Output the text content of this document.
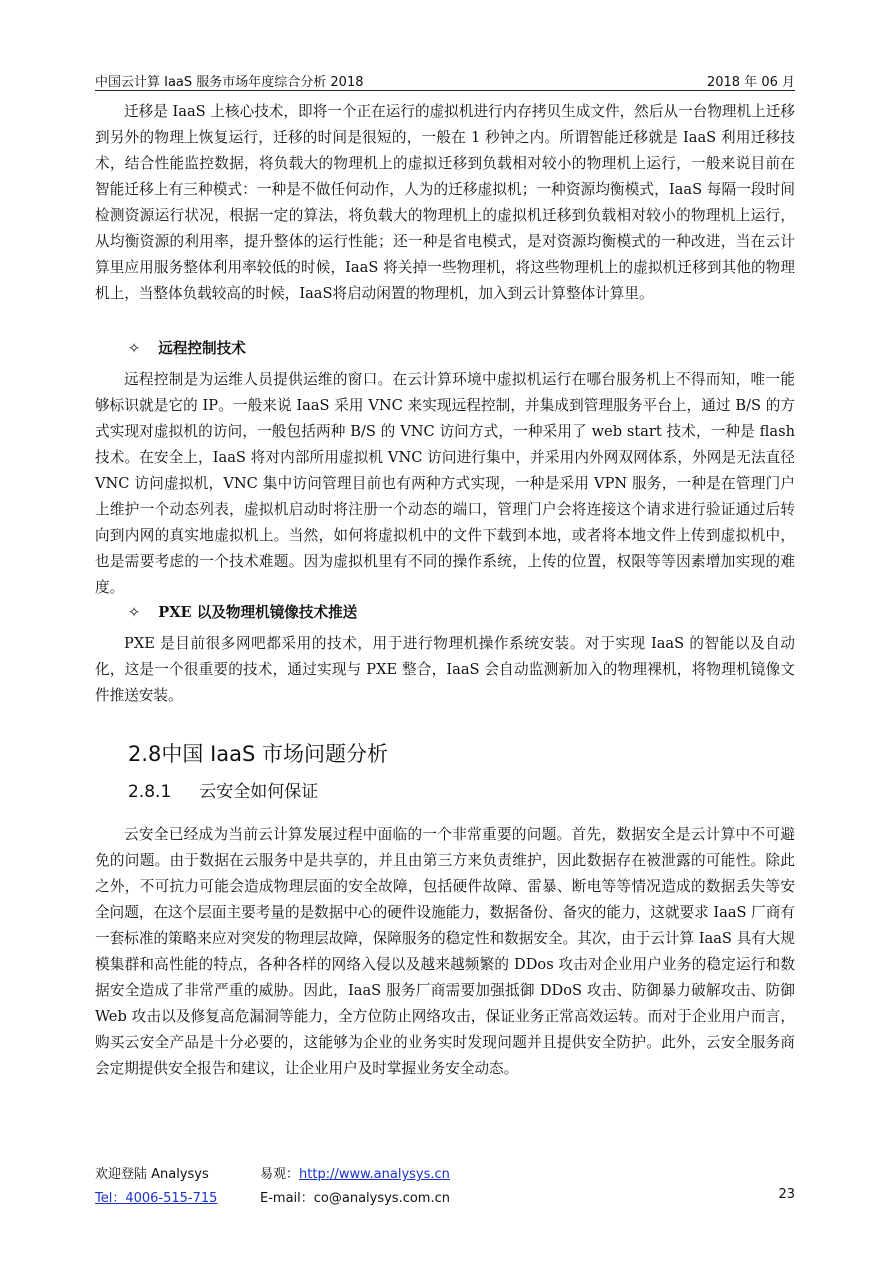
中国云计算 IaaS 服务市场年度综合分析 2018	2018 年 06 月

迁移是 IaaS 上核心技术，即将一个正在运行的虚拟机进行内存拷贝生成文件，然后从一台物理机上迁移到另外的物理上恢复运行，迁移的时间是很短的，一般在 1 秒钟之内。所谓智能迁移就是 IaaS 利用迁移技术，结合性能监控数据，将负载大的物理机上的虚拟迁移到负载相对较小的物理机上运行，一般来说目前在智能迁移上有三种模式：一种是不做任何动作，人为的迁移虚拟机；一种资源均衡模式，IaaS 每隔一段时间检测资源运行状况，根据一定的算法，将负载大的物理机上的虚拟机迁移到负载相对较小的物理机上运行，从均衡资源的利用率，提升整体的运行性能；还一种是省电模式，是对资源均衡模式的一种改进，当在云计算里应用服务整体利用率较低的时候，IaaS 将关掉一些物理机，将这些物理机上的虚拟机迁移到其他的物理机上，当整体负载较高的时候，IaaS将启动闲置的物理机，加入到云计算整体计算里。

✧ 远程控制技术

远程控制是为运维人员提供运维的窗口。在云计算环境中虚拟机运行在哪台服务机上不得而知，唯一能够标识就是它的 IP。一般来说 IaaS 采用 VNC 来实现远程控制，并集成到管理服务平台上，通过 B/S 的方式实现对虚拟机的访问，一般包括两种 B/S 的 VNC 访问方式，一种采用了 web start 技术，一种是 flash 技术。在安全上，IaaS 将对内部所用虚拟机 VNC 访问进行集中，并采用内外网双网体系，外网是无法直径 VNC 访问虚拟机，VNC 集中访问管理目前也有两种方式实现，一种是采用 VPN 服务，一种是在管理门户上维护一个动态列表，虚拟机启动时将注册一个动态的端口，管理门户会将连接这个请求进行验证通过后转向到内网的真实地虚拟机上。当然，如何将虚拟机中的文件下载到本地，或者将本地文件上传到虚拟机中，也是需要考虑的一个技术难题。因为虚拟机里有不同的操作系统，上传的位置，权限等等因素增加实现的难度。

✧ PXE 以及物理机镜像技术推送

PXE 是目前很多网吧都采用的技术，用于进行物理机操作系统安装。对于实现 IaaS 的智能以及自动化，这是一个很重要的技术，通过实现与 PXE 整合，IaaS 会自动监测新加入的物理裸机，将物理机镜像文件推送安装。

2.8中国 IaaS 市场问题分析
2.8.1 云安全如何保证

云安全已经成为当前云计算发展过程中面临的一个非常重要的问题。首先，数据安全是云计算中不可避免的问题。由于数据在云服务中是共享的，并且由第三方来负责维护，因此数据存在被泄露的可能性。除此之外，不可抗力可能会造成物理层面的安全故障，包括硬件故障、雷暴、断电等等情况造成的数据丢失等安全问题，在这个层面主要考量的是数据中心的硬件设施能力，数据备份、备灾的能力，这就要求 IaaS 厂商有一套标准的策略来应对突发的物理层故障，保障服务的稳定性和数据安全。其次，由于云计算 IaaS 具有大规模集群和高性能的特点，各种各样的网络入侵以及越来越频繁的 DDos 攻击对企业用户业务的稳定运行和数据安全造成了非常严重的威胁。因此，IaaS 服务厂商需要加强抵御 DDoS 攻击、防御暴力破解攻击、防御 Web 攻击以及修复高危漏洞等能力，全方位防止网络攻击，保证业务正常高效运转。而对于企业用户而言，购买云安全产品是十分必要的，这能够为企业的业务实时发现问题并且提供安全防护。此外，云安全服务商会定期提供安全报告和建议，让企业用户及时掌握业务安全动态。

欢迎登陆 Analysys	易观：http://www.analysys.cn
Tel：4006-515-715	E-mail：co@analysys.com.cn	23
